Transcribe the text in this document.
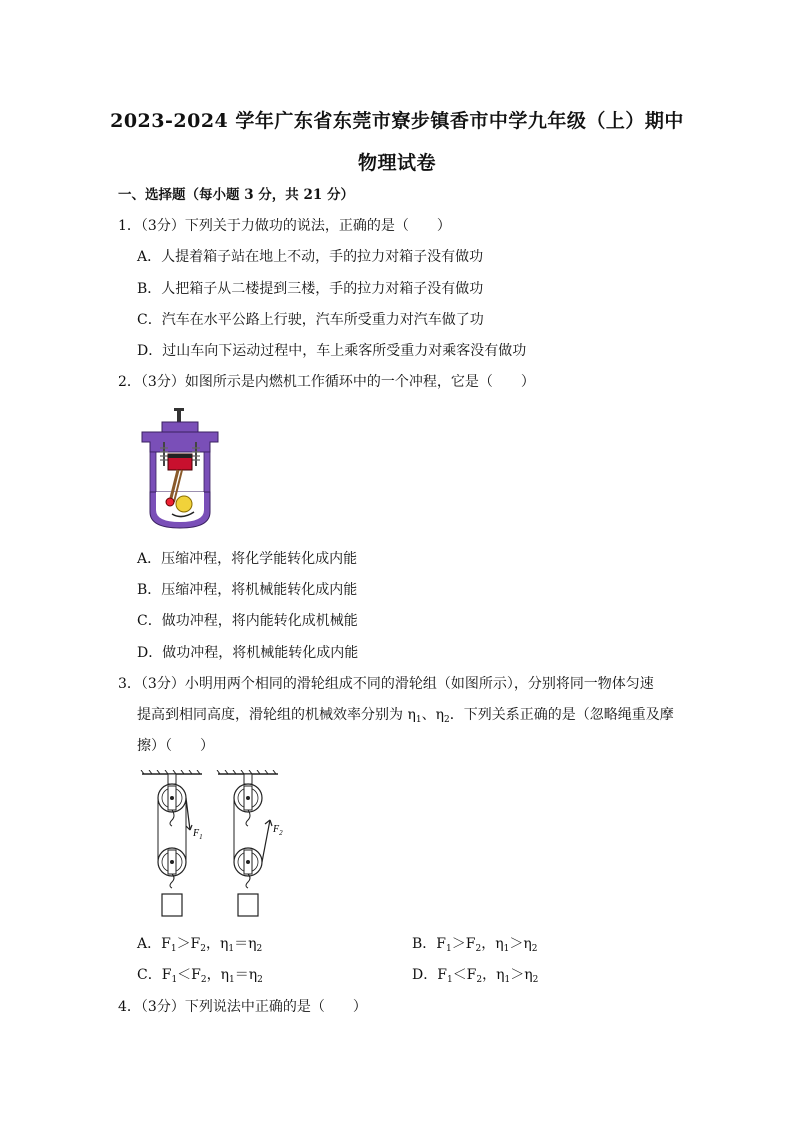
2023-2024 学年广东省东莞市寮步镇香市中学九年级（上）期中
物理试卷
一、选择题（每小题 3 分，共 21 分）
1．（3分）下列关于力做功的说法，正确的是（　　）
A．人提着箱子站在地上不动，手的拉力对箱子没有做功
B．人把箱子从二楼提到三楼，手的拉力对箱子没有做功
C．汽车在水平公路上行驶，汽车所受重力对汽车做了功
D．过山车向下运动过程中，车上乘客所受重力对乘客没有做功
2．（3分）如图所示是内燃机工作循环中的一个冲程，它是（　　）
A．压缩冲程，将化学能转化成内能
B．压缩冲程，将机械能转化成内能
C．做功冲程，将内能转化成机械能
D．做功冲程，将机械能转化成内能
3．（3分）小明用两个相同的滑轮组成不同的滑轮组（如图所示），分别将同一物体匀速
提高到相同高度，滑轮组的机械效率分别为 $\eta_1$、$\eta_2$．下列关系正确的是（忽略绳重及摩
擦）（　　）
$F_1$
$F_2$
A．$F_1>F_2$，$\eta_1=\eta_2$	B．$F_1>F_2$，$\eta_1>\eta_2$
C．$F_1<F_2$，$\eta_1=\eta_2$	D．$F_1<F_2$，$\eta_1>\eta_2$
4．（3分）下列说法中正确的是（　　）
